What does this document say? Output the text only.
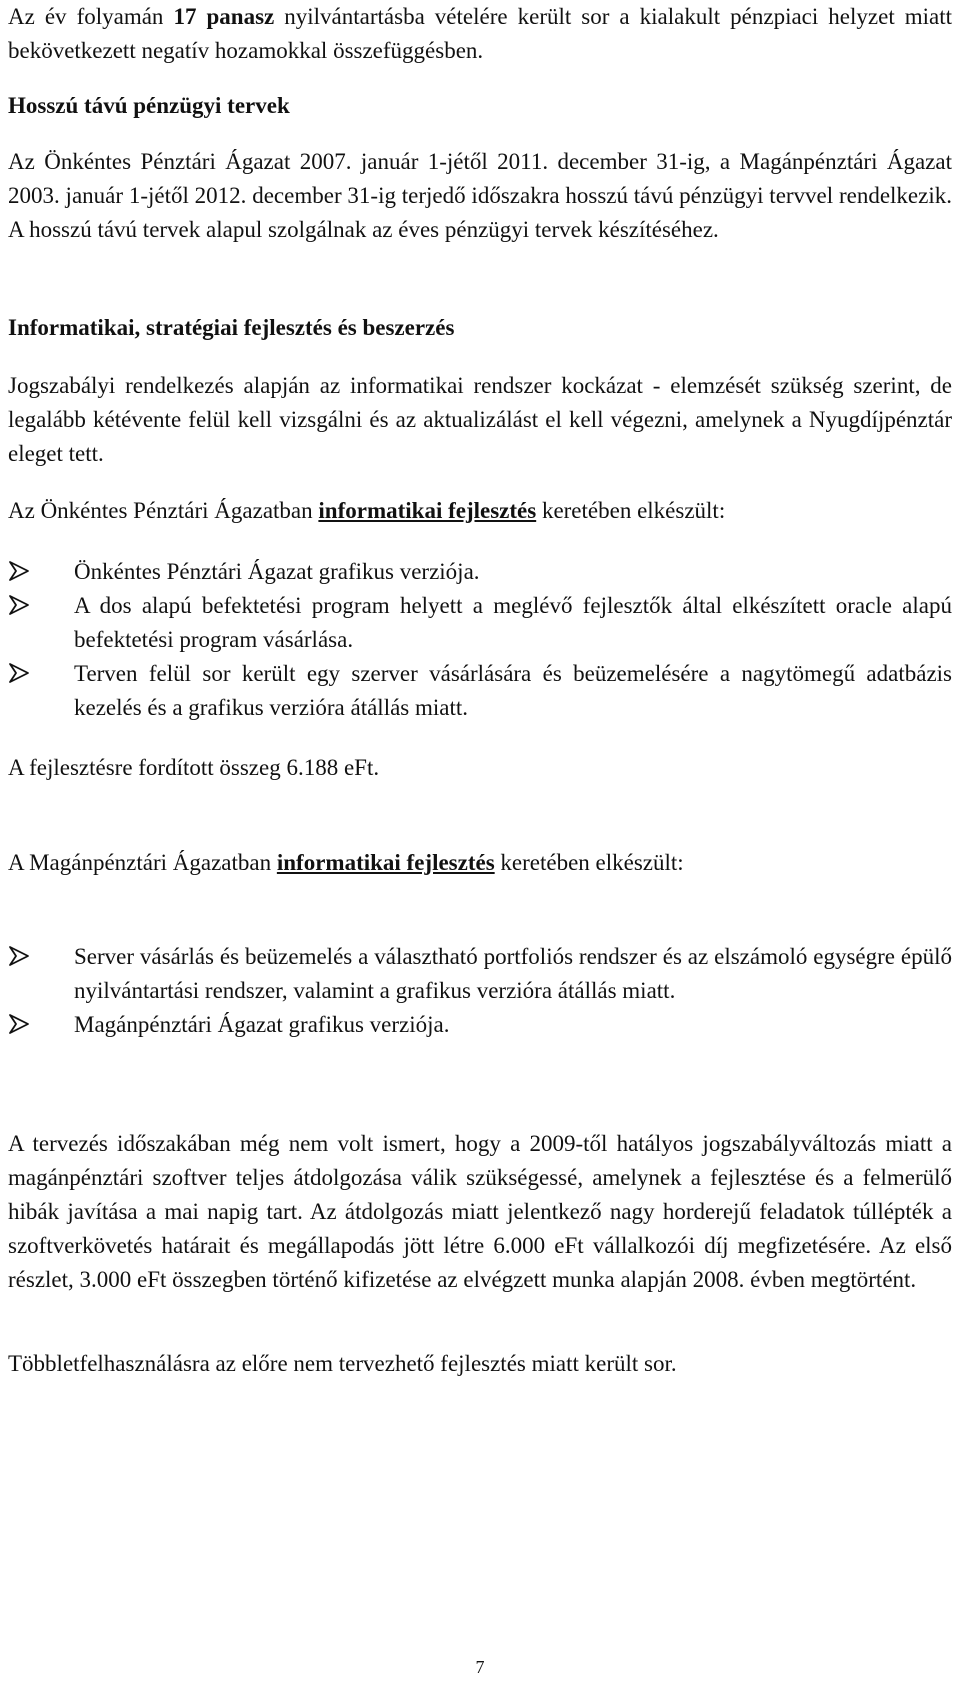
Az év folyamán 17 panasz nyilvántartásba vételére került sor a kialakult pénzpiaci helyzet miatt bekövetkezett negatív hozamokkal összefüggésben.

Hosszú távú pénzügyi tervek

Az Önkéntes Pénztári Ágazat 2007. január 1-jétől 2011. december 31-ig, a Magánpénztári Ágazat 2003. január 1-jétől 2012. december 31-ig terjedő időszakra hosszú távú pénzügyi tervvel rendelkezik. A hosszú távú tervek alapul szolgálnak az éves pénzügyi tervek készítéséhez.

Informatikai, stratégiai fejlesztés és beszerzés

Jogszabályi rendelkezés alapján az informatikai rendszer kockázat - elemzését szükség szerint, de legalább kétévente felül kell vizsgálni és az aktualizálást el kell végezni, amelynek a Nyugdíjpénztár eleget tett.

Az Önkéntes Pénztári Ágazatban informatikai fejlesztés keretében elkészült:

Önkéntes Pénztári Ágazat grafikus verziója.
A dos alapú befektetési program helyett a meglévő fejlesztők által elkészített oracle alapú befektetési program vásárlása.
Terven felül sor került egy szerver vásárlására és beüzemelésére a nagytömegű adatbázis kezelés és a grafikus verzióra átállás miatt.

A fejlesztésre fordított összeg 6.188 eFt.

A Magánpénztári Ágazatban informatikai fejlesztés keretében elkészült:

Server vásárlás és beüzemelés a választható portfoliós rendszer és az elszámoló egységre épülő nyilvántartási rendszer, valamint a grafikus verzióra átállás miatt.
Magánpénztári Ágazat grafikus verziója.

A tervezés időszakában még nem volt ismert, hogy a 2009-től hatályos jogszabályváltozás miatt a magánpénztári szoftver teljes átdolgozása válik szükségessé, amelynek a fejlesztése és a felmerülő hibák javítása a mai napig tart. Az átdolgozás miatt jelentkező nagy horderejű feladatok túllépték a szoftverkövetés határait és megállapodás jött létre 6.000 eFt vállalkozói díj megfizetésére. Az első részlet, 3.000 eFt összegben történő kifizetése az elvégzett munka alapján 2008. évben megtörtént.

Többletfelhasználásra az előre nem tervezhető fejlesztés miatt került sor.

7
